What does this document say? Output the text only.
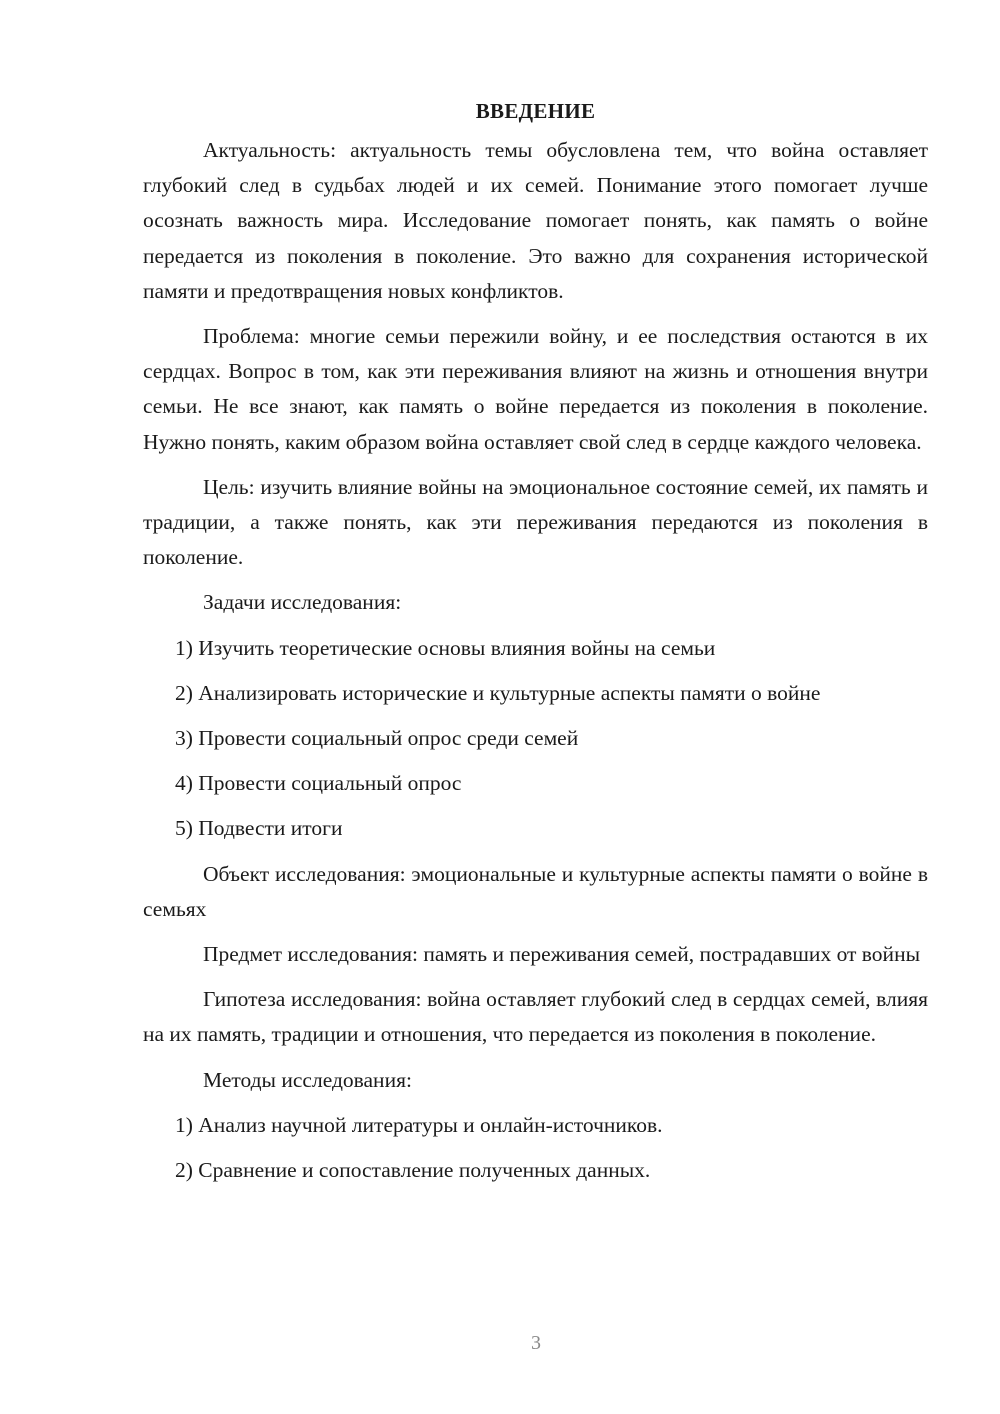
ВВЕДЕНИЕ

Актуальность: актуальность темы обусловлена тем, что война оставляет глубокий след в судьбах людей и их семей. Понимание этого помогает лучше осознать важность мира. Исследование помогает понять, как память о войне передается из поколения в поколение. Это важно для сохранения исторической памяти и предотвращения новых конфликтов.

Проблема: многие семьи пережили войну, и ее последствия остаются в их сердцах. Вопрос в том, как эти переживания влияют на жизнь и отношения внутри семьи. Не все знают, как память о войне передается из поколения в поколение. Нужно понять, каким образом война оставляет свой след в сердце каждого человека.

Цель: изучить влияние войны на эмоциональное состояние семей, их память и традиции, а также понять, как эти переживания передаются из поколения в поколение.

Задачи исследования:

1) Изучить теоретические основы влияния войны на семьи

2) Анализировать исторические и культурные аспекты памяти о войне

3) Провести социальный опрос среди семей

4) Провести социальный опрос

5) Подвести итоги

Объект исследования: эмоциональные и культурные аспекты памяти о войне в семьях

Предмет исследования: память и переживания семей, пострадавших от войны

Гипотеза исследования: война оставляет глубокий след в сердцах семей, влияя на их память, традиции и отношения, что передается из поколения в поколение.

Методы исследования:

1) Анализ научной литературы и онлайн-источников.

2) Сравнение и сопоставление полученных данных.

3
